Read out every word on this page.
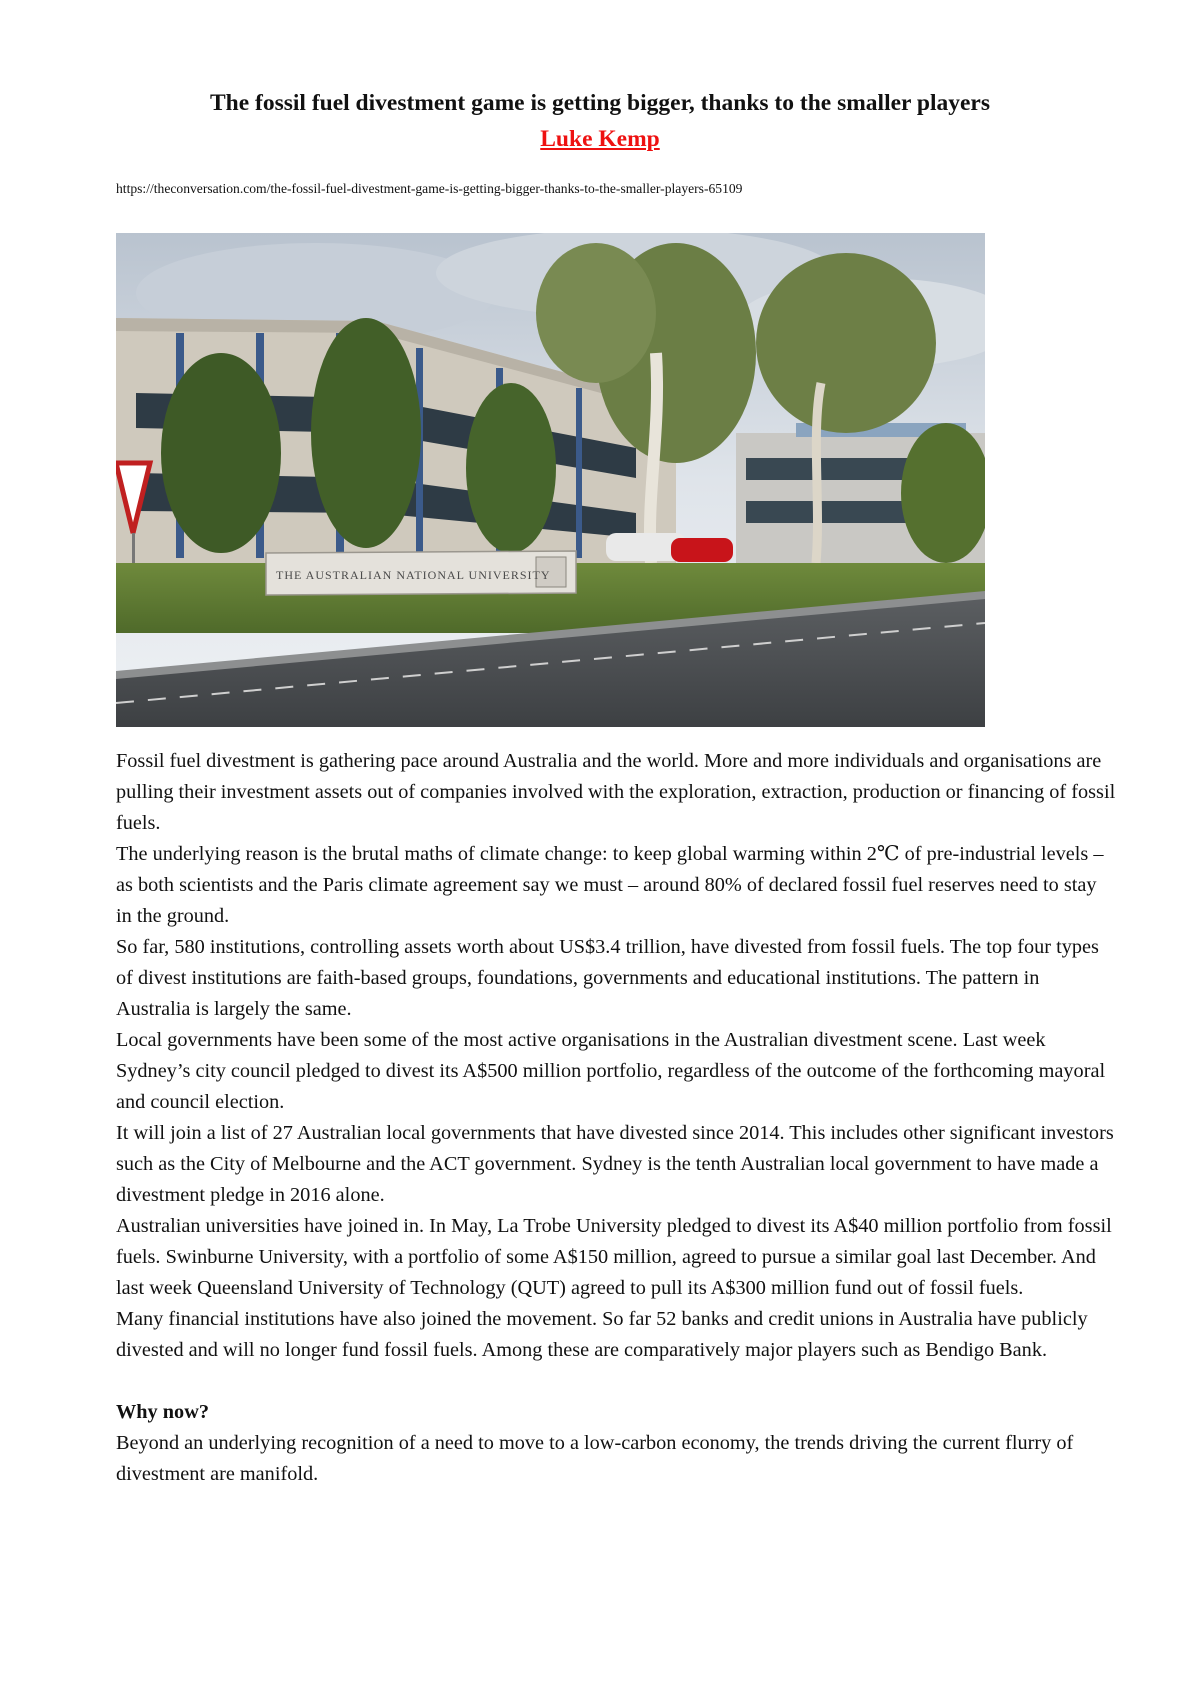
The fossil fuel divestment game is getting bigger, thanks to the smaller players
Luke Kemp
https://theconversation.com/the-fossil-fuel-divestment-game-is-getting-bigger-thanks-to-the-smaller-players-65109
THE AUSTRALIAN NATIONAL UNIVERSITY

Fossil fuel divestment is gathering pace around Australia and the world. More and more individuals and organisations are pulling their investment assets out of companies involved with the exploration, extraction, production or financing of fossil fuels.

The underlying reason is the brutal maths of climate change: to keep global warming within 2℃ of pre-industrial levels – as both scientists and the Paris climate agreement say we must – around 80% of declared fossil fuel reserves need to stay in the ground.

So far, 580 institutions, controlling assets worth about US$3.4 trillion, have divested from fossil fuels. The top four types of divest institutions are faith-based groups, foundations, governments and educational institutions. The pattern in Australia is largely the same.

Local governments have been some of the most active organisations in the Australian divestment scene. Last week Sydney’s city council pledged to divest its A$500 million portfolio, regardless of the outcome of the forthcoming mayoral and council election.

It will join a list of 27 Australian local governments that have divested since 2014. This includes other significant investors such as the City of Melbourne and the ACT government. Sydney is the tenth Australian local government to have made a divestment pledge in 2016 alone.

Australian universities have joined in. In May, La Trobe University pledged to divest its A$40 million portfolio from fossil fuels. Swinburne University, with a portfolio of some A$150 million, agreed to pursue a similar goal last December. And last week Queensland University of Technology (QUT) agreed to pull its A$300 million fund out of fossil fuels.

Many financial institutions have also joined the movement. So far 52 banks and credit unions in Australia have publicly divested and will no longer fund fossil fuels. Among these are comparatively major players such as Bendigo Bank.

Why now?

Beyond an underlying recognition of a need to move to a low-carbon economy, the trends driving the current flurry of divestment are manifold.
